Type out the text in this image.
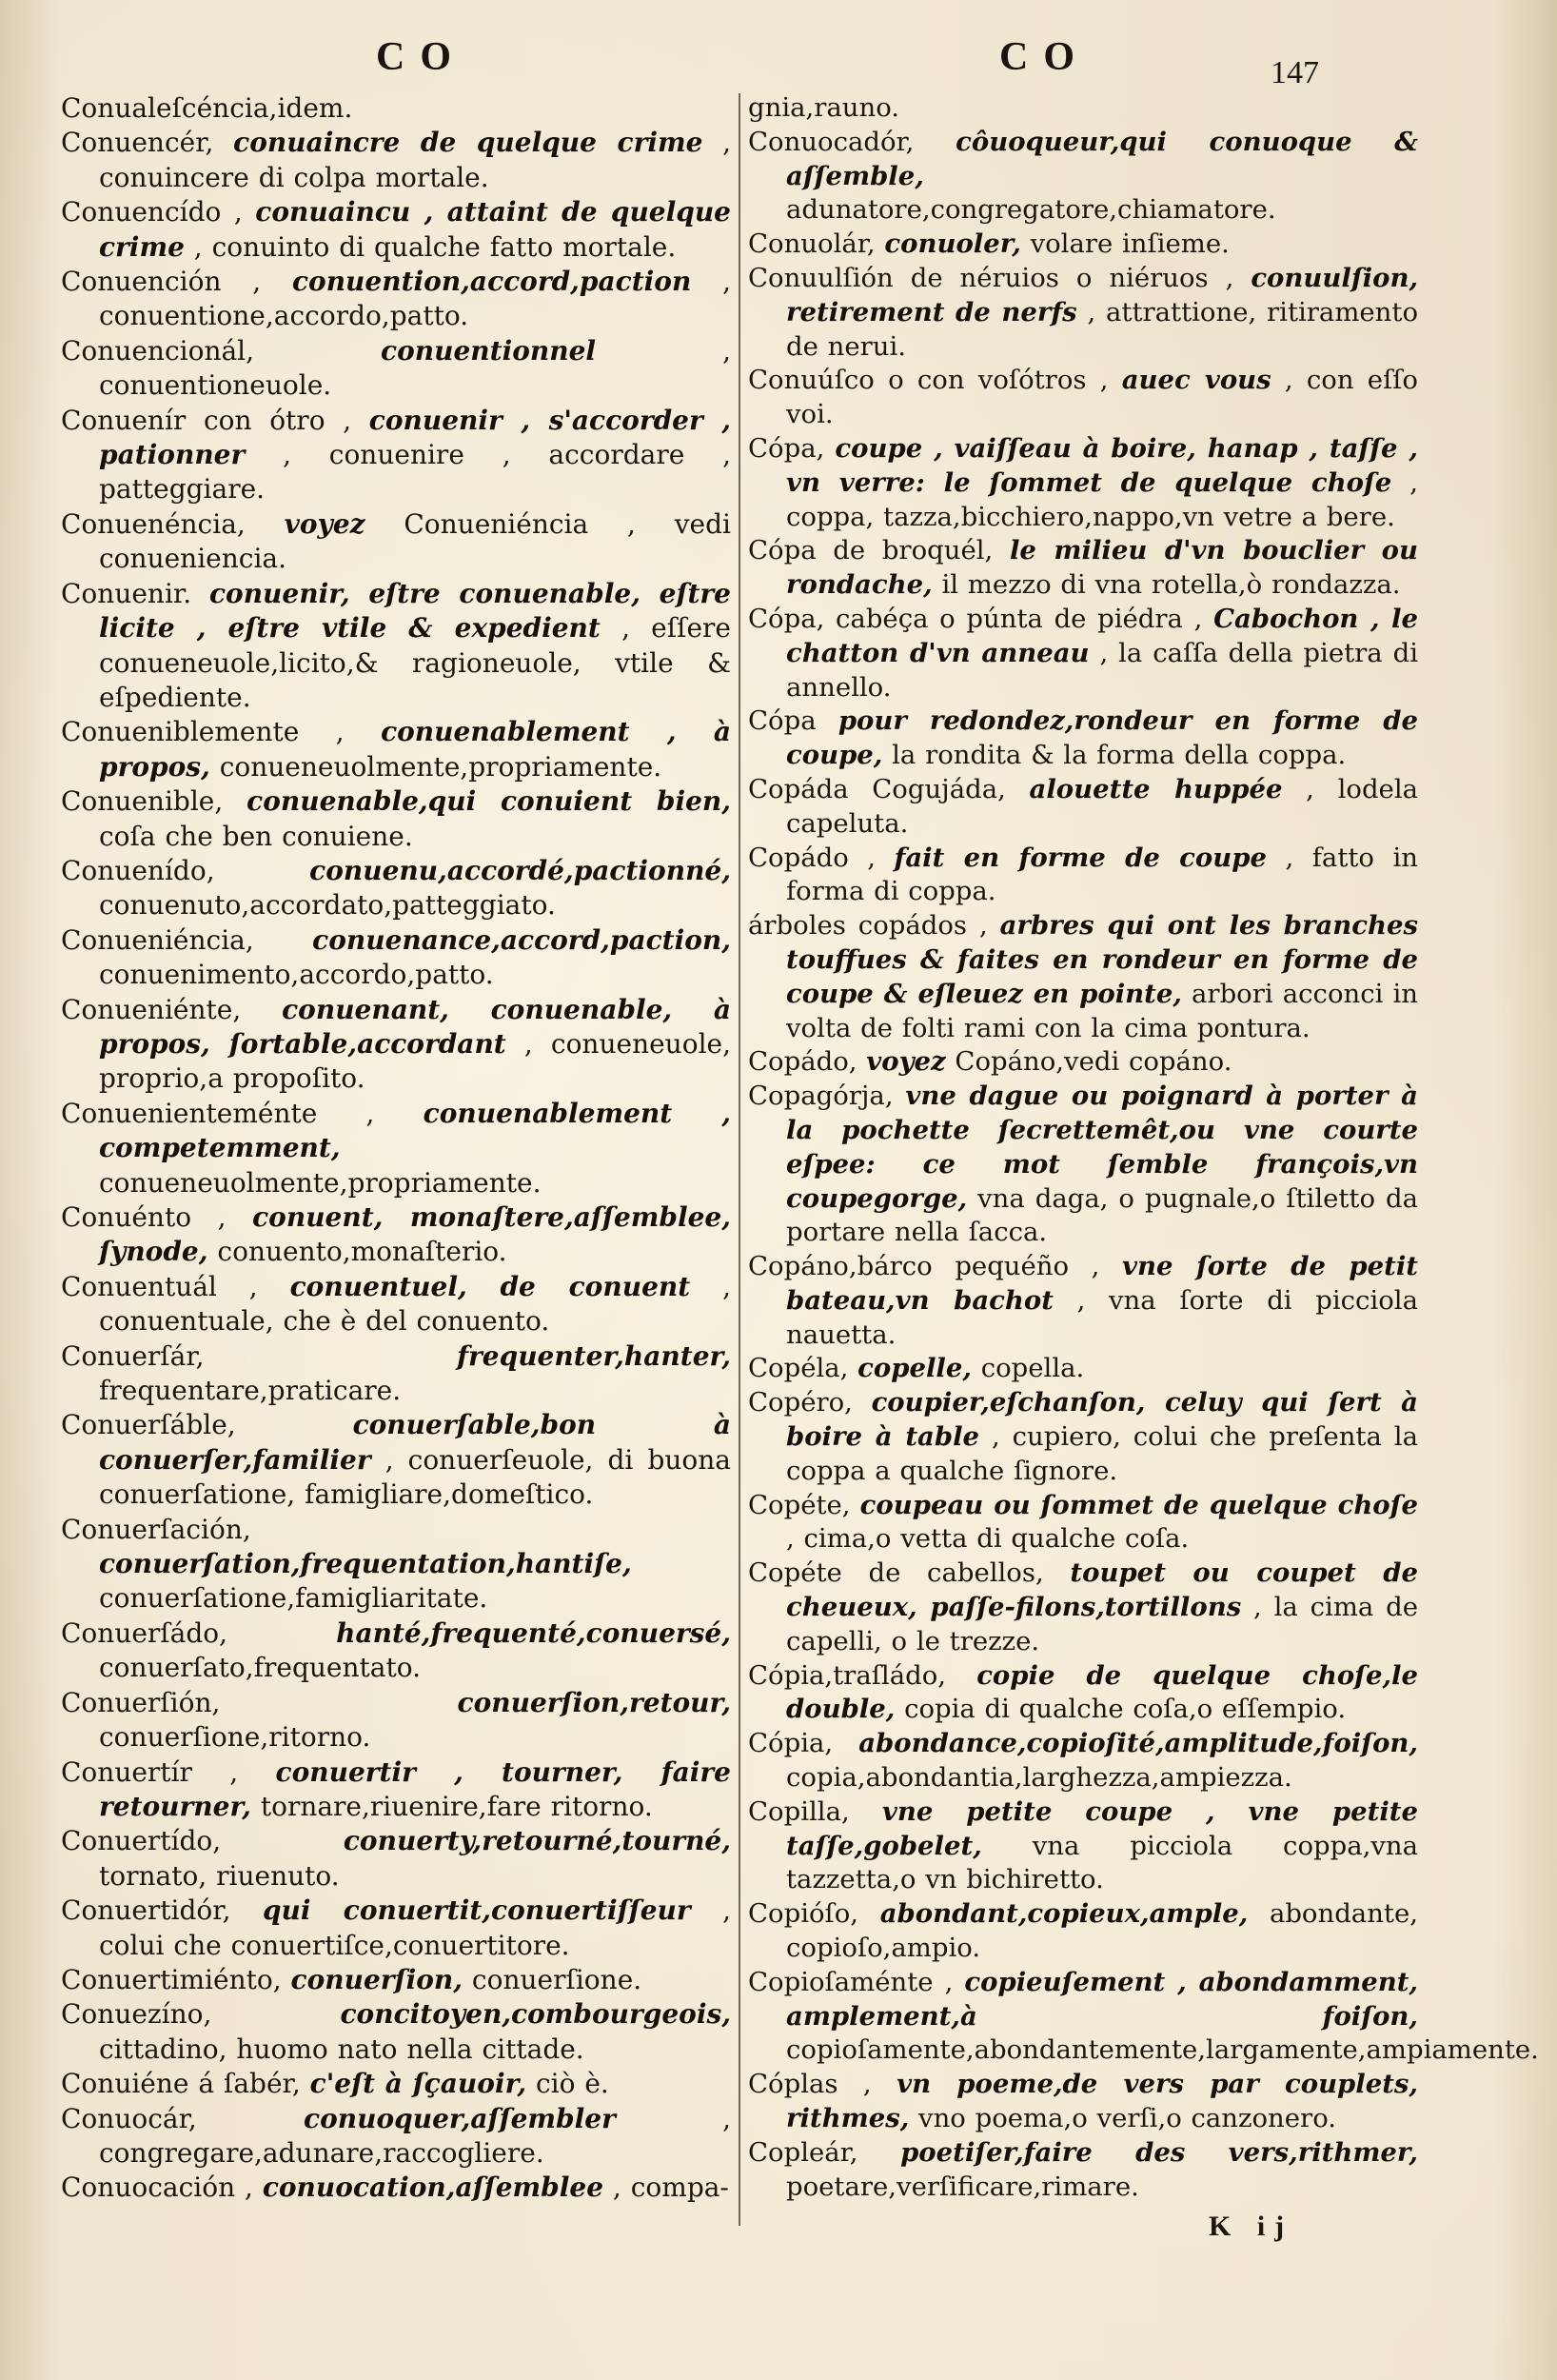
CO	CO	147
Conualeſcéncia,idem.
Conuencér, conuaincre de quelque crime , conuincere di colpa mortale.
Conuencído , conuaincu , attaint de quelque crime , conuinto di qualche fatto mortale.
Conuención , conuention,accord,paction , conuentione,accordo,patto.
Conuencionál,	conuentionnel	, conuentioneuole.
Conuenír con ótro , conuenir , s'accorder , pationner , conuenire , accordare , patteggiare.
Conuenéncia, voyez Conueniéncia , vedi conueniencia.
Conuenir. conuenir, eſtre conuenable, eſtre licite , eſtre vtile & expedient , eſſere conueneuole,licito,& ragioneuole, vtile & eſpediente.
Conueniblemente , conuenablement , à propos, conueneuolmente,propriamente.
Conuenible, conuenable,qui conuient bien, coſa che ben conuiene.
Conuenído,	conuenu,accordé,pactionné, conuenuto,accordato,patteggiato.
Conueniéncia, conuenance,accord,paction, conuenimento,accordo,patto.
Conueniénte, conuenant, conuenable, à propos, ſortable,accordant , conueneuole, proprio,a propoſito.
Conuenienteménte , conuenablement , competemment, conueneuolmente,propriamente.
Conuénto , conuent, monaſtere,aſſemblee, ſynode, conuento,monaſterio.
Conuentuál , conuentuel, de conuent , conuentuale, che è del conuento.
Conuerſár,	frequenter,hanter, frequentare,praticare.
Conuerſáble,	conuerſable,bon à conuerſer,familier , conuerſeuole, di buona conuerſatione, famigliare,domeſtico.
Conuerſación, conuerſation,frequentation,hantiſe, conuerſatione,famigliaritate.
Conuerſádo,	hanté,frequenté,conuersé, conuerſato,frequentato.
Conuerſión,	conuerſion,retour, conuerſione,ritorno.
Conuertír , conuertir , tourner, faire retourner, tornare,riuenire,fare ritorno.
Conuertído,	conuerty,retourné,tourné, tornato, riuenuto.
Conuertidór, qui conuertit,conuertiſſeur , colui che conuertiſce,conuertitore.
Conuertimiénto, conuerſion, conuerſione.
Conuezíno,	concitoyen,combourgeois, cittadino, huomo nato nella cittade.
Conuiéne á ſabér, c'eſt à ſçauoir, ciò è.
Conuocár,	conuoquer,aſſembler	, congregare,adunare,raccogliere.
Conuocación , conuocation,aſſemblee , compa-
gnia,rauno.
Conuocadór, côuoqueur,qui conuoque & aſſemble, adunatore,congregatore,chiamatore.
Conuolár, conuoler, volare inſieme.
Conuulſión de néruios o niéruos , conuulſion, retirement de nerfs , attrattione, ritiramento de nerui.
Conuúſco o con voſótros , auec vous , con eſſo voi.
Cópa, coupe , vaiſſeau à boire, hanap , taſſe , vn verre: le ſommet de quelque choſe , coppa, tazza,bicchiero,nappo,vn vetre a bere.
Cópa de broquél, le milieu d'vn bouclier ou rondache, il mezzo di vna rotella,ò rondazza.
Cópa, cabéça o púnta de piédra , Cabochon , le chatton d'vn anneau , la caſſa della pietra di annello.
Cópa pour redondez,rondeur en forme de coupe, la rondita & la forma della coppa.
Copáda Cogujáda, alouette huppée , lodela capeluta.
Copádo , fait en forme de coupe , fatto in forma di coppa.
árboles copádos , arbres qui ont les branches touffues & faites en rondeur en forme de coupe & eſleuez en pointe, arbori acconci in volta de folti rami con la cima pontura.
Copádo, voyez Copáno,vedi copáno.
Copagórja, vne dague ou poignard à porter à la pochette ſecrettemêt,ou vne courte eſpee: ce mot ſemble françois,vn coupegorge, vna daga, o pugnale,o ſtiletto da portare nella ſacca.
Copáno,bárco pequéño , vne ſorte de petit bateau,vn bachot , vna ſorte di picciola nauetta.
Copéla, copelle, copella.
Copéro, coupier,eſchanſon, celuy qui ſert à boire à table , cupiero, colui che preſenta la coppa a qualche ſignore.
Copéte, coupeau ou ſommet de quelque choſe , cima,o vetta di qualche coſa.
Copéte de cabellos, toupet ou coupet de cheueux, paſſe-filons,tortillons , la cima de capelli, o le trezze.
Cópia,traſládo, copie de quelque choſe,le double, copia di qualche coſa,o eſſempio.
Cópia, abondance,copioſité,amplitude,foiſon, copia,abondantia,larghezza,ampiezza.
Copilla, vne petite coupe , vne petite taſſe,gobelet, vna picciola coppa,vna tazzetta,o vn bichiretto.
Copióſo, abondant,copieux,ample, abondante, copioſo,ampio.
Copioſaménte , copieuſement , abondamment, amplement,à foiſon, copioſamente,abondantemente,largamente,ampiamente.
Cóplas , vn poeme,de vers par couplets, rithmes, vno poema,o verſi,o canzonero.
Copleár, poetiſer,faire des vers,rithmer, poetare,verſificare,rimare.
K ij
